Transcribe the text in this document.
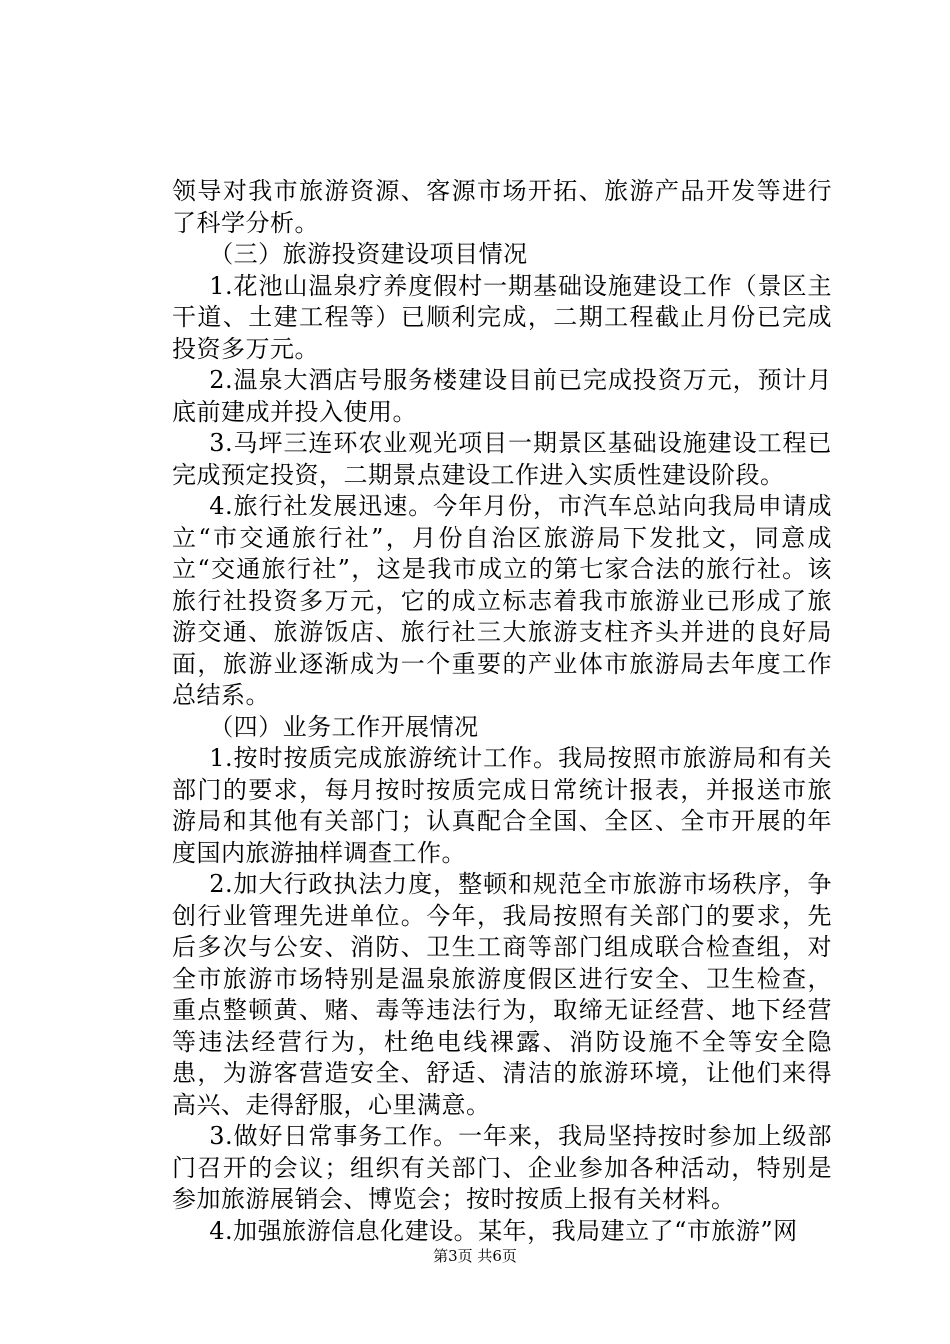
领导对我市旅游资源、客源市场开拓、旅游产品开发等进行了科学分析。

（三）旅游投资建设项目情况

1.花池山温泉疗养度假村一期基础设施建设工作（景区主干道、土建工程等）已顺利完成，二期工程截止月份已完成投资多万元。

2.温泉大酒店号服务楼建设目前已完成投资万元，预计月底前建成并投入使用。

3.马坪三连环农业观光项目一期景区基础设施建设工程已完成预定投资，二期景点建设工作进入实质性建设阶段。

4.旅行社发展迅速。今年月份，市汽车总站向我局申请成立“市交通旅行社”，月份自治区旅游局下发批文，同意成立“交通旅行社”，这是我市成立的第七家合法的旅行社。该旅行社投资多万元，它的成立标志着我市旅游业已形成了旅游交通、旅游饭店、旅行社三大旅游支柱齐头并进的良好局面，旅游业逐渐成为一个重要的产业体市旅游局去年度工作总结系。

（四）业务工作开展情况

1.按时按质完成旅游统计工作。我局按照市旅游局和有关部门的要求，每月按时按质完成日常统计报表，并报送市旅游局和其他有关部门；认真配合全国、全区、全市开展的年度国内旅游抽样调查工作。

2.加大行政执法力度，整顿和规范全市旅游市场秩序，争创行业管理先进单位。今年，我局按照有关部门的要求，先后多次与公安、消防、卫生工商等部门组成联合检查组，对全市旅游市场特别是温泉旅游度假区进行安全、卫生检查，重点整顿黄、赌、毒等违法行为，取缔无证经营、地下经营等违法经营行为，杜绝电线裸露、消防设施不全等安全隐患，为游客营造安全、舒适、清洁的旅游环境，让他们来得高兴、走得舒服，心里满意。

3.做好日常事务工作。一年来，我局坚持按时参加上级部门召开的会议；组织有关部门、企业参加各种活动，特别是参加旅游展销会、博览会；按时按质上报有关材料。

4.加强旅游信息化建设。某年，我局建立了“市旅游”网

第3页 共6页
